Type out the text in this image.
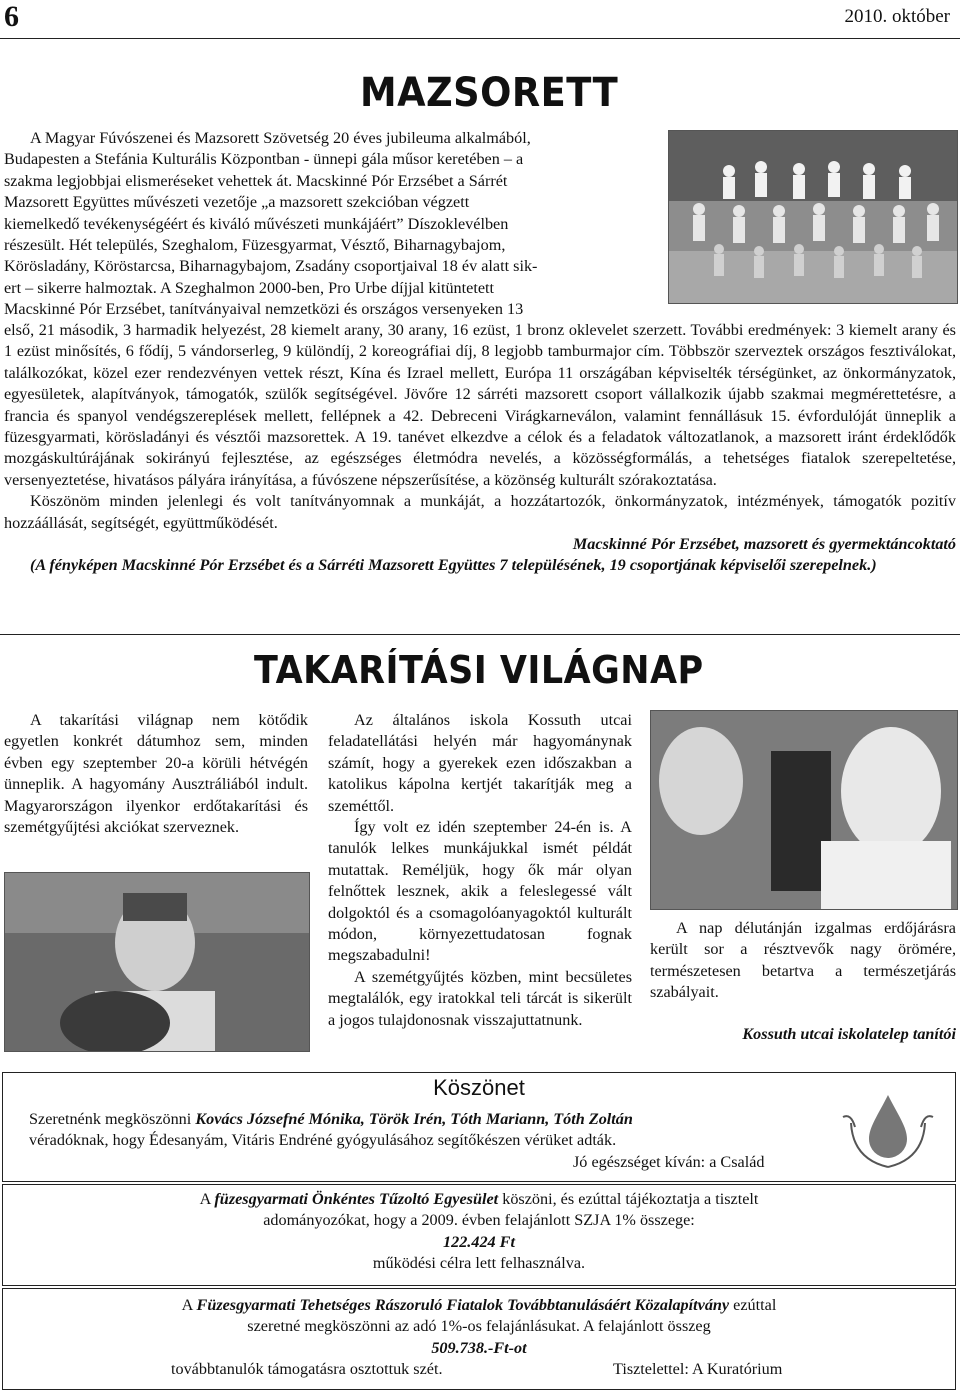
6	2010. október
MAZSORETT
A Magyar Fúvószenei és Mazsorett Szövetség 20 éves jubileuma alkalmából,
Budapesten a Stefánia Kulturális Központban - ünnepi gála műsor keretében – a
szakma legjobbjai elismeréseket vehettek át. Macskinné Pór Erzsébet a Sárrét
Mazsorett Együttes művészeti vezetője „a mazsorett szekcióban végzett
kiemelkedő tevékenységéért és kiváló művészeti munkájáért” Díszoklevélben
részesült. Hét település, Szeghalom, Füzesgyarmat, Vésztő, Biharnagybajom,
Körösladány, Köröstarcsa, Biharnagybajom, Zsadány csoportjaival 18 év alatt sik-
ert – sikerre halmoztak. A Szeghalmon 2000-ben, Pro Urbe díjjal kitüntetett
Macskinné Pór Erzsébet, tanítványaival nemzetközi és országos versenyeken 13

első, 21 második, 3 harmadik helyezést, 28 kiemelt arany, 30 arany, 16 ezüst, 1 bronz oklevelet szerzett. További eredmények: 3 kiemelt arany és 1 ezüst minősítés, 6 fődíj, 5 vándorserleg, 9 különdíj, 2 koreográfiai díj, 8 legjobb tamburmajor cím. Többször szerveztek országos fesztiválokat, találkozókat, közel ezer rendezvényen vettek részt, Kína és Izrael mellett, Európa 11 országában képviselték térségünket, az önkormányzatok, egyesületek, alapítványok, támogatók, szülők segítségével. Jövőre 12 sárréti mazsorett csoport vállalkozik újabb szakmai megmérettetésre, a francia és spanyol vendégszereplések mellett, fellépnek a 42. Debreceni Virágkarneválon, valamint fennállásuk 15. évfordulóját ünneplik a füzesgyarmati, körösladányi és vésztői mazsorettek. A 19. tanévet elkezdve a célok és a feladatok változatlanok, a mazsorett iránt érdeklődők mozgáskultúrájának sokirányú fejlesztése, az egészséges életmódra nevelés, a közösségformálás, a tehetséges fiatalok szerepeltetése, versenyeztetése, hivatásos pályára irányítása, a fúvószene népszerűsítése, a közönség kulturált szórakoztatása.

Köszönöm minden jelenlegi és volt tanítványomnak a munkáját, a hozzátartozók, önkormányzatok, intézmények, támogatók pozitív hozzáállását, segítségét, együttműködését.

Macskinné Pór Erzsébet, mazsorett és gyermektáncoktató

(A fényképen Macskinné Pór Erzsébet és a Sárréti Mazsorett Együttes 7 településének, 19 csoportjának képviselői szerepelnek.)

TAKARÍTÁSI VILÁGNAP

A takarítási világnap nem kötődik egyetlen konkrét dátumhoz sem, minden évben egy szeptember 20-a körüli hétvégén ünneplik. A hagyomány Ausztráliából indult. Magyarországon ilyenkor erdőtakarítási és szemétgyűjtési akciókat szerveznek.

Az általános iskola Kossuth utcai feladatellátási helyén már hagyománynak számít, hogy a gyerekek ezen időszakban a katolikus kápolna kertjét takarítják meg a szeméttől.

Így volt ez idén szeptember 24-én is. A tanulók lelkes munkájukkal ismét példát mutattak. Reméljük, hogy ők már olyan felnőttek lesznek, akik a feleslegessé vált dolgoktól és a csomagolóanyagoktól kulturált módon, környezettudatosan fognak megszabadulni!

A szemétgyűjtés közben, mint becsületes megtalálók, egy iratokkal teli tárcát is sikerült a jogos tulajdonosnak visszajuttatnunk.

A nap délutánján izgalmas erdőjárásra került sor a résztvevők nagy örömére, természetesen betartva a természetjárás szabályait.

Kossuth utcai iskolatelep tanítói
Köszönet
Szeretnénk megköszönni Kovács Józsefné Mónika, Török Irén, Tóth Mariann, Tóth Zoltán
véradóknak, hogy Édesanyám, Vitáris Endréné gyógyulásához segítőkészen vérüket adták.
Jó egészséget kíván: a Család
A füzesgyarmati Önkéntes Tűzoltó Egyesület köszöni, és ezúttal tájékoztatja a tisztelt
adományozókat, hogy a 2009. évben felajánlott SZJA 1% összege:
122.424 Ft
működési célra lett felhasználva.
A Füzesgyarmati Tehetséges Rászoruló Fiatalok Továbbtanulásáért Közalapítvány ezúttal
szeretné megköszönni az adó 1%-os felajánlásukat. A felajánlott összeg
509.738.-Ft-ot
továbbtanulók támogatásra osztottuk szét.	Tisztelettel: A Kuratórium
